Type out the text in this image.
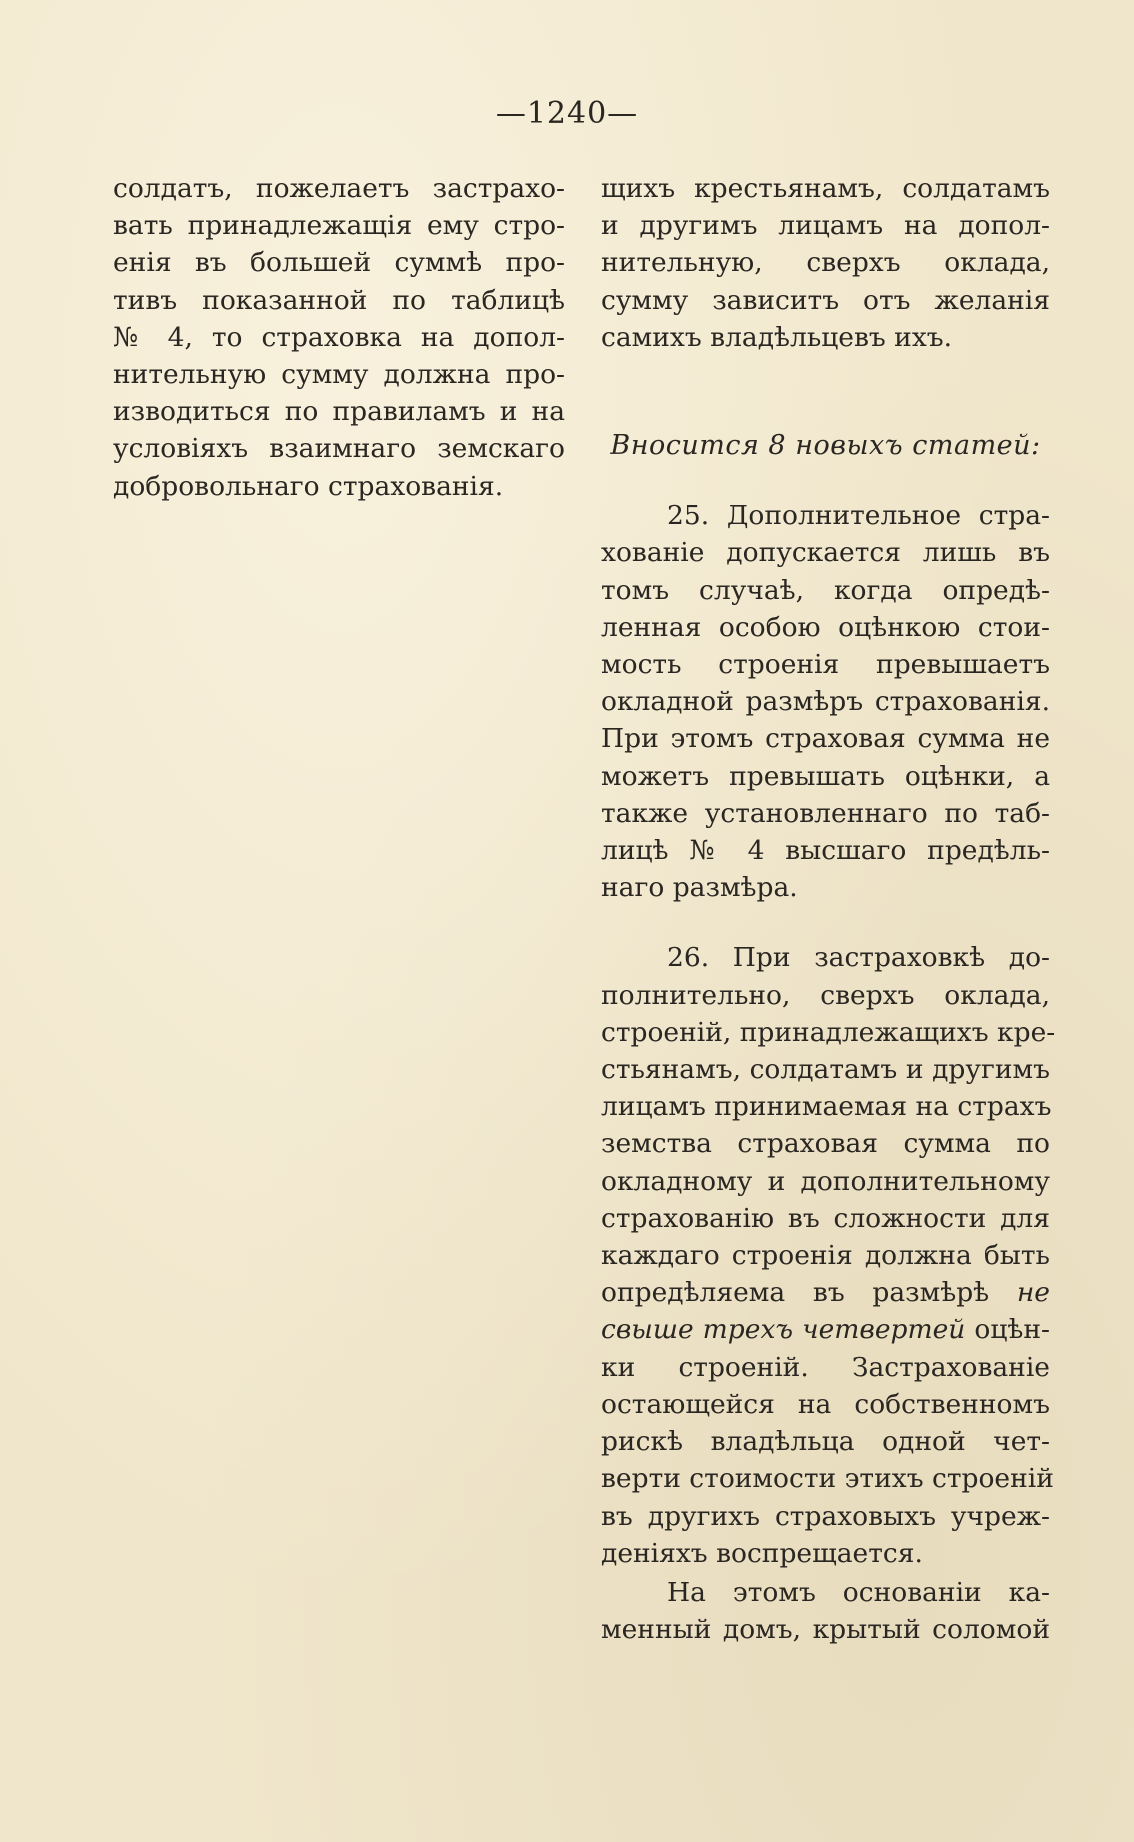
—1240—

солдатъ, пожелаетъ застрахо-
вать принадлежащія ему стро-
енія въ большей суммѣ про-
тивъ показанной по таблицѣ
№ 4, то страховка на допол-
нительную сумму должна про-
изводиться по правиламъ и на
условіяхъ взаимнаго земскаго
добровольнаго страхованія.

щихъ крестьянамъ, солдатамъ
и другимъ лицамъ на допол-
нительную, сверхъ оклада,
сумму зависитъ отъ желанія
самихъ владѣльцевъ ихъ.

Вносится 8 новыхъ статей:

25. Дополнительное стра-
хованіе допускается лишь въ
томъ случаѣ, когда опредѣ-
ленная особою оцѣнкою стои-
мость строенія превышаетъ
окладной размѣръ страхованія.
При этомъ страховая сумма не
можетъ превышать оцѣнки, а
также установленнаго по таб-
лицѣ № 4 высшаго предѣль-
наго размѣра.

26. При застраховкѣ до-
полнительно, сверхъ оклада,
строеній, принадлежащихъ кре-
стьянамъ, солдатамъ и другимъ
лицамъ принимаемая на страхъ
земства страховая сумма по
окладному и дополнительному
страхованію въ сложности для
каждаго строенія должна быть
опредѣляема въ размѣрѣ не
свыше трехъ четвертей оцѣн-
ки строеній. Застрахованіе
остающейся на собственномъ
рискѣ владѣльца одной чет-
верти стоимости этихъ строеній
въ другихъ страховыхъ учреж-
деніяхъ воспрещается.

На этомъ основаніи ка-
менный домъ, крытый соломой
